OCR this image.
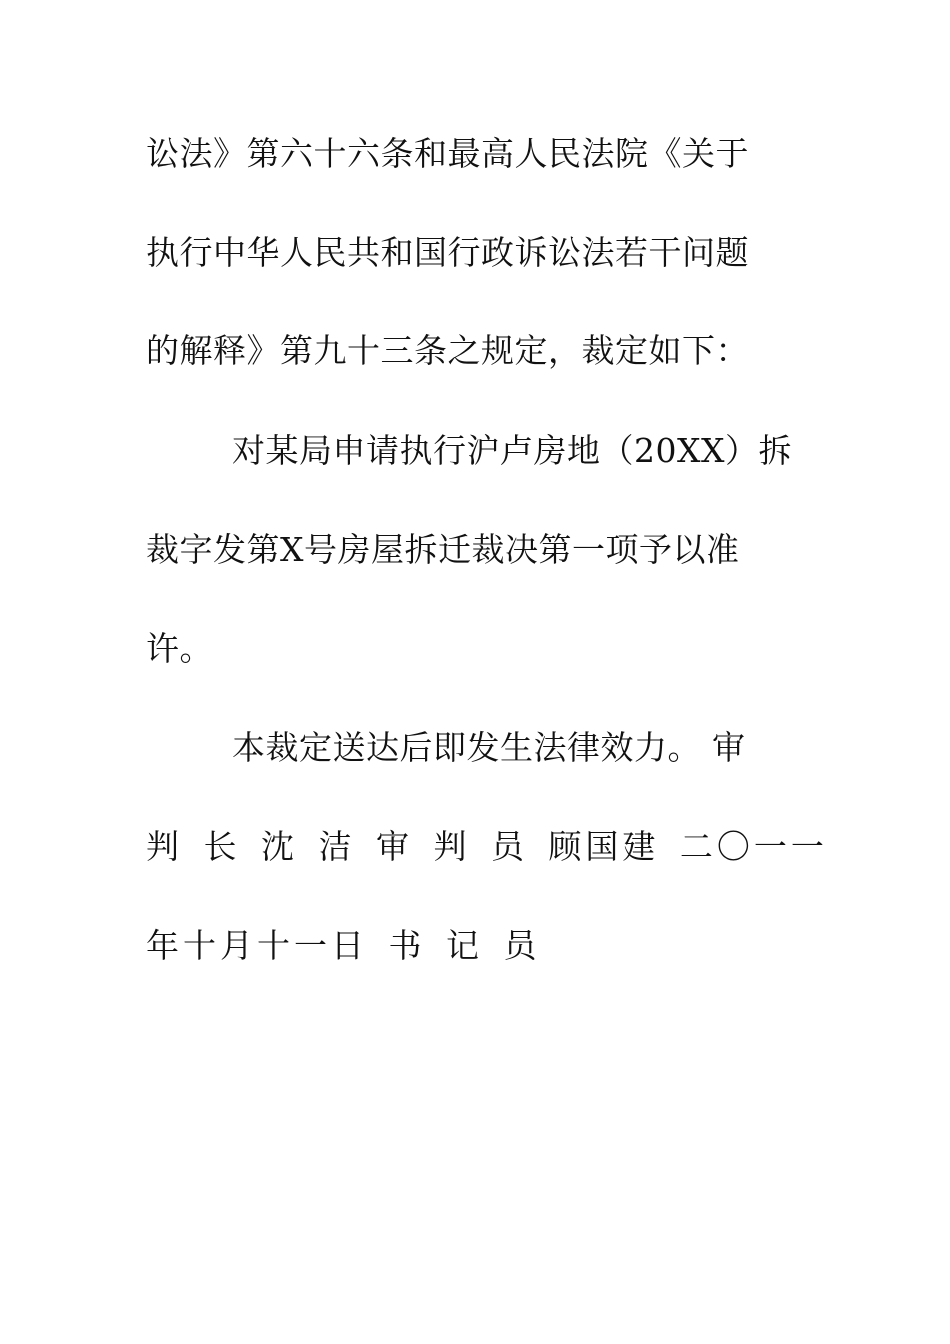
讼法》第六十六条和最高人民法院《关于
执行中华人民共和国行政诉讼法若干问题
的解释》第九十三条之规定，裁定如下：
对某局申请执行沪卢房地（20XX）拆
裁字发第X号房屋拆迁裁决第一项予以准
许。
本裁定送达后即发生法律效力。 审
判 长 沈 洁 审 判 员 顾国建 二〇一一
年十月十一日 书 记 员
